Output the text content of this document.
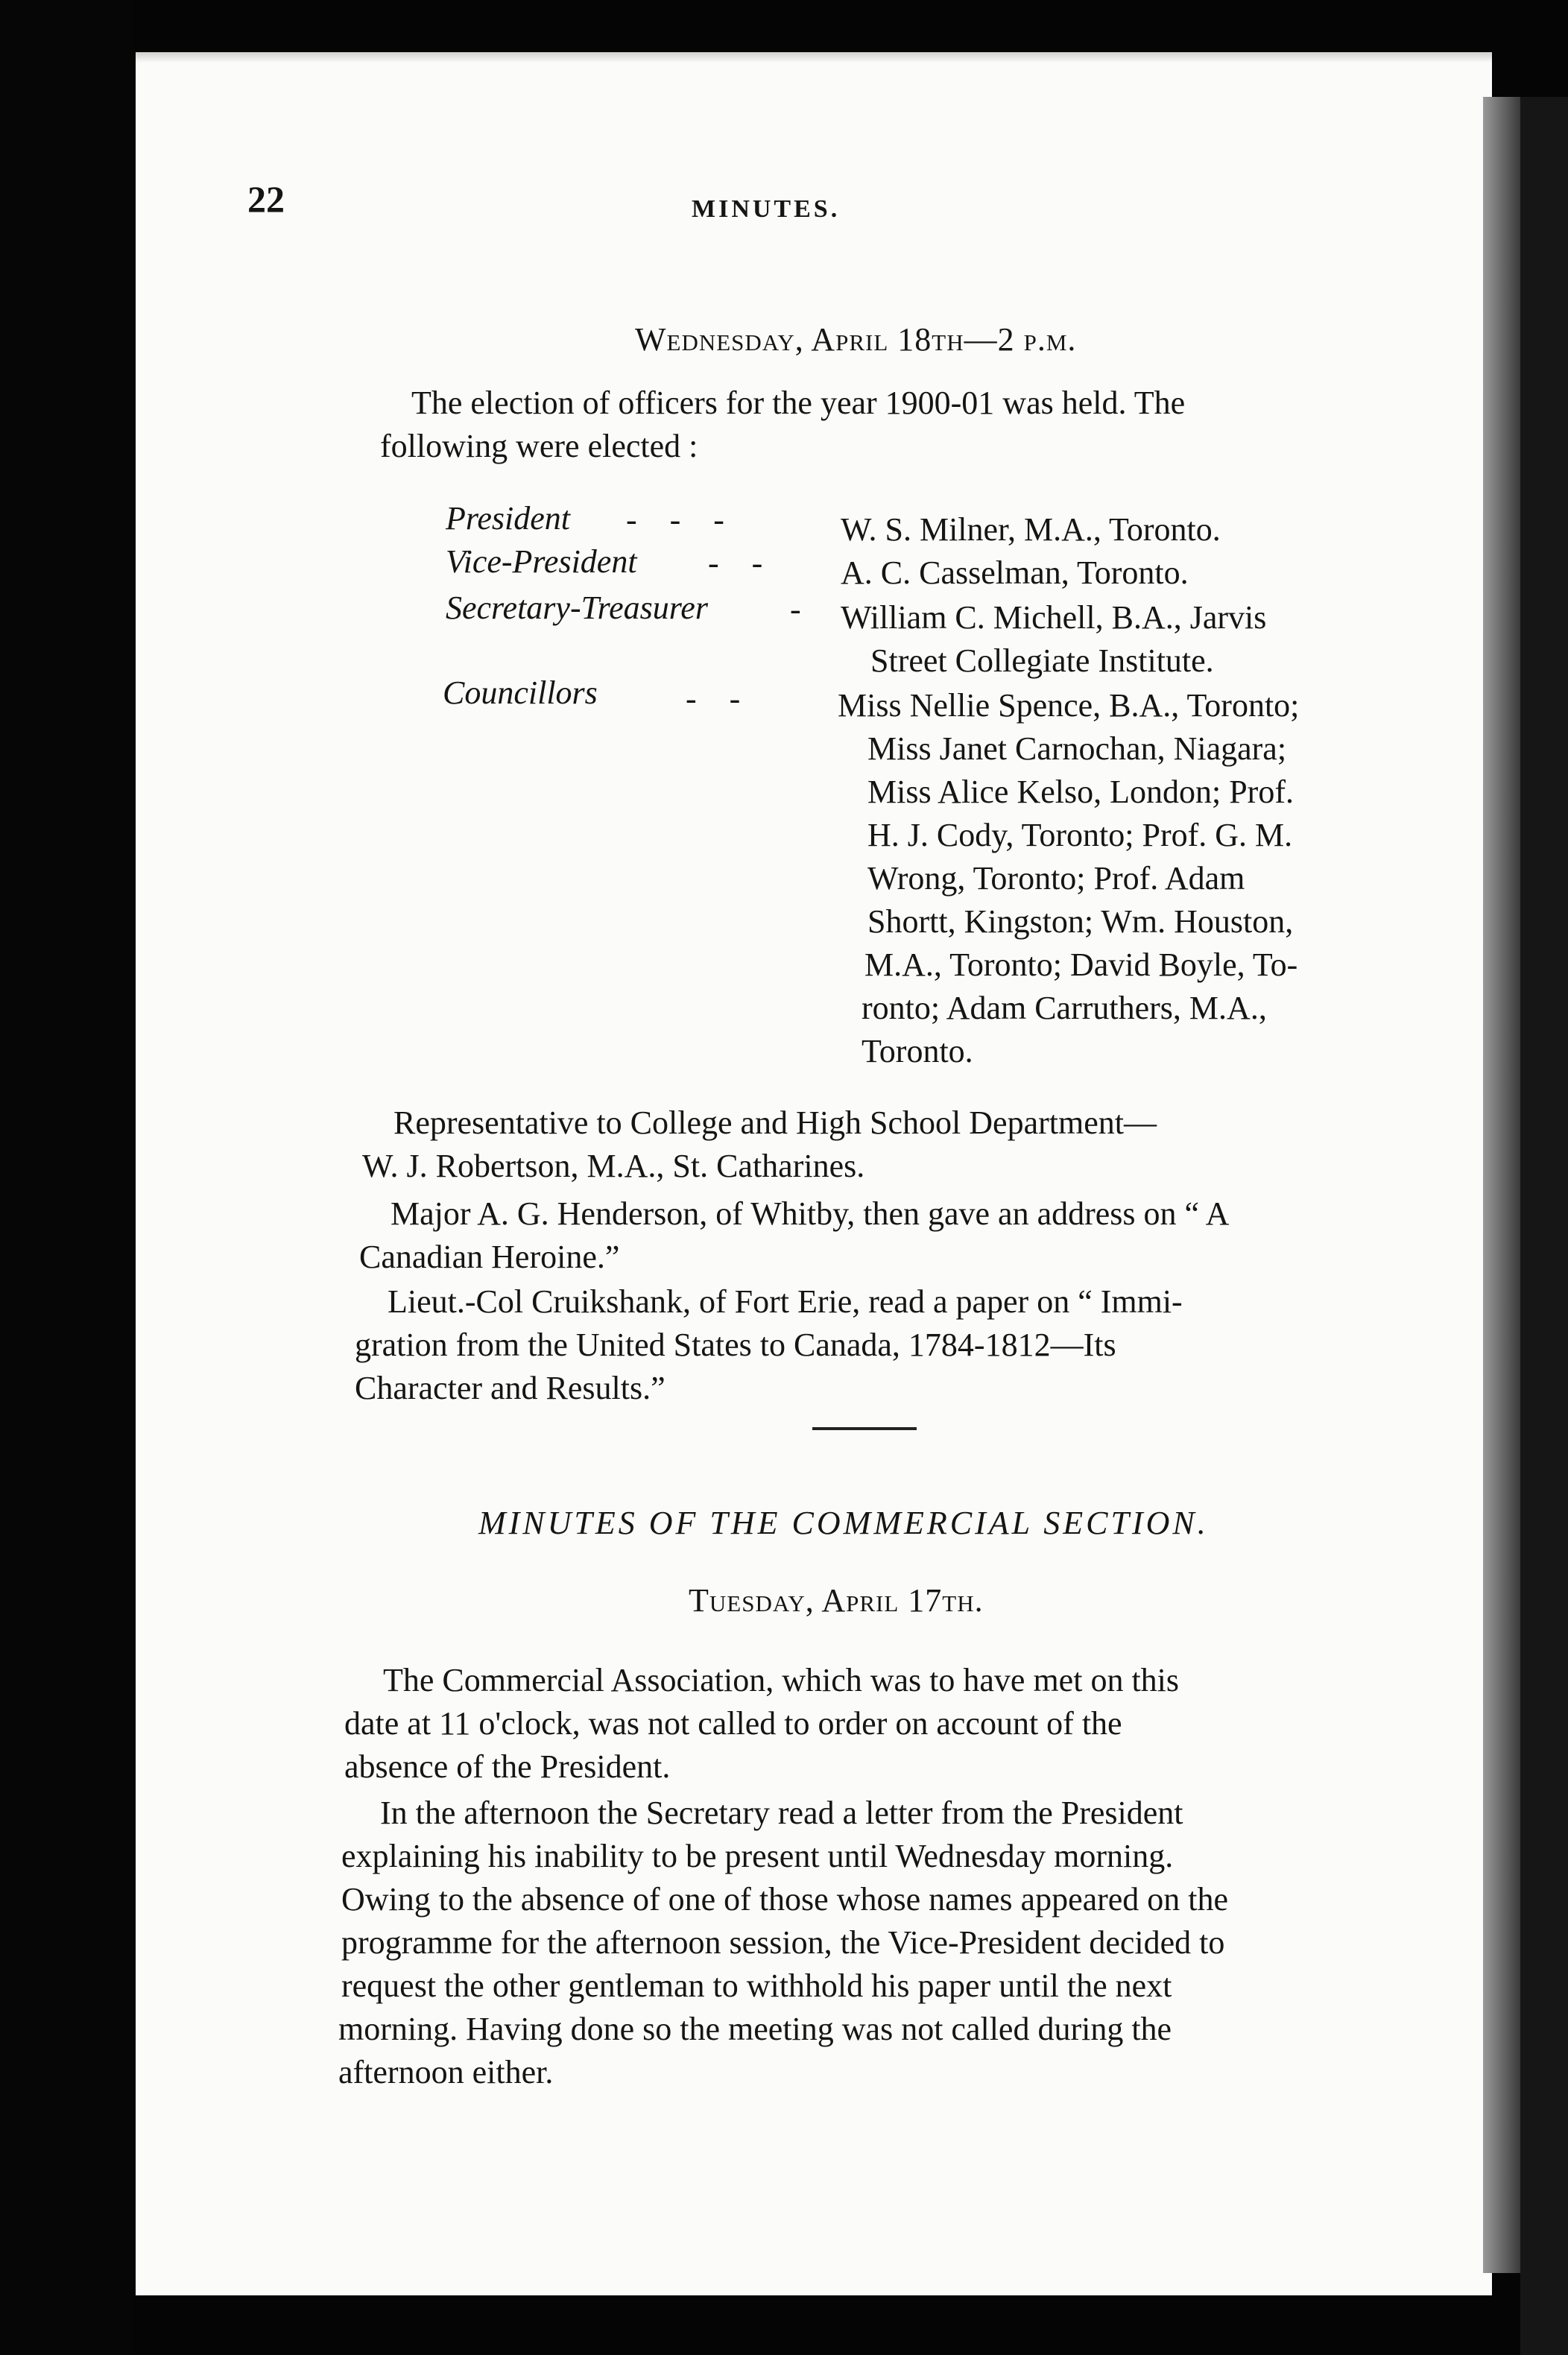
22	MINUTES.
Wednesday, April 18th—2 p.m.
The election of officers for the year 1900-01 was held. The
following were elected :
President -    -    -	W. S. Milner, M.A., Toronto.
Vice-President -    - A. C. Casselman, Toronto.
Secretary-Treasurer	- William C. Michell, B.A., Jarvis
Street Collegiate Institute.
Councillors	-    -	Miss Nellie Spence, B.A., Toronto;
Miss Janet Carnochan, Niagara;
Miss Alice Kelso, London; Prof.
H. J. Cody, Toronto; Prof. G. M.
Wrong, Toronto; Prof. Adam
Shortt, Kingston; Wm. Houston,
M.A., Toronto; David Boyle, To-
ronto; Adam Carruthers, M.A.,
Toronto.
Representative to College and High School Department—
W. J. Robertson, M.A., St. Catharines.
Major A. G. Henderson, of Whitby, then gave an address on “ A
Canadian Heroine.”
Lieut.-Col Cruikshank, of Fort Erie, read a paper on “ Immi-
gration from the United States to Canada, 1784-1812—Its
Character and Results.”
MINUTES OF THE COMMERCIAL SECTION.
Tuesday, April 17th.
The Commercial Association, which was to have met on this
date at 11 o'clock, was not called to order on account of the
absence of the President.
In the afternoon the Secretary read a letter from the President
explaining his inability to be present until Wednesday morning.
Owing to the absence of one of those whose names appeared on the
programme for the afternoon session, the Vice-President decided to
request the other gentleman to withhold his paper until the next
morning. Having done so the meeting was not called during the
afternoon either.
